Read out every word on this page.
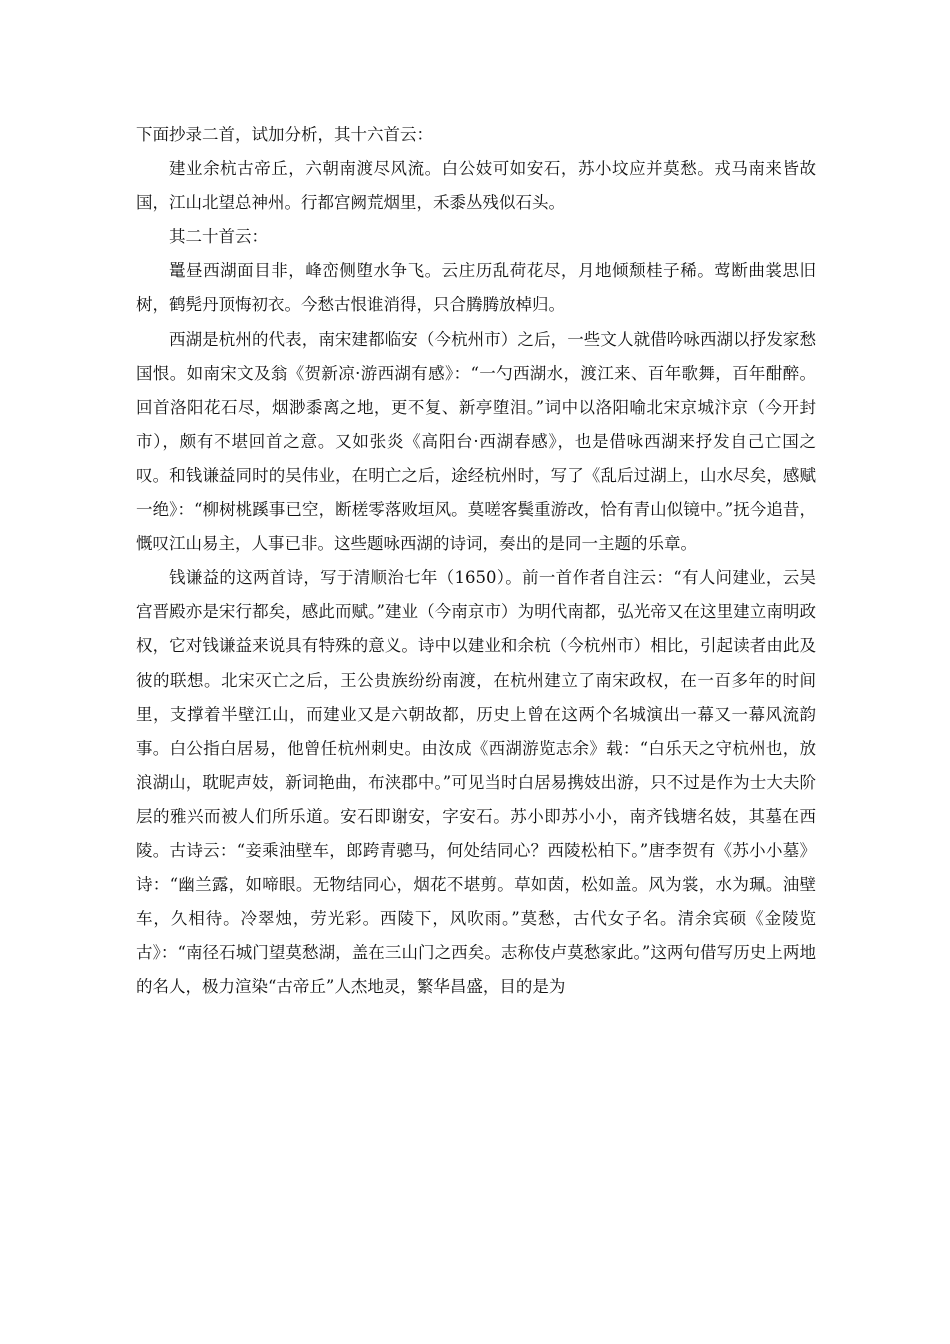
下面抄录二首，试加分析，其十六首云：

建业余杭古帝丘，六朝南渡尽风流。白公妓可如安石，苏小坟应并莫愁。戎马南来皆故国，江山北望总神州。行都宫阙荒烟里，禾黍丛残似石头。

其二十首云：

鼍昼西湖面目非，峰峦侧堕水争飞。云庄历乱荷花尽，月地倾颓桂子稀。莺断曲裳思旧树，鹤髡丹顶悔初衣。今愁古恨谁消得，只合腾腾放棹归。

西湖是杭州的代表，南宋建都临安（今杭州市）之后，一些文人就借吟咏西湖以抒发家愁国恨。如南宋文及翁《贺新凉·游西湖有感》：“一勺西湖水，渡江来、百年歌舞，百年酣醉。回首洛阳花石尽，烟渺黍离之地，更不复、新亭堕泪。”词中以洛阳喻北宋京城汴京（今开封市），颇有不堪回首之意。又如张炎《高阳台·西湖春感》，也是借咏西湖来抒发自己亡国之叹。和钱谦益同时的吴伟业，在明亡之后，途经杭州时，写了《乱后过湖上，山水尽矣，感赋一绝》：“柳树桃蹊事已空，断槎零落败垣风。莫嗟客鬓重游改，恰有青山似镜中。”抚今追昔，慨叹江山易主，人事已非。这些题咏西湖的诗词，奏出的是同一主题的乐章。

钱谦益的这两首诗，写于清顺治七年（1650）。前一首作者自注云：“有人问建业，云吴宫晋殿亦是宋行都矣，感此而赋。”建业（今南京市）为明代南都，弘光帝又在这里建立南明政权，它对钱谦益来说具有特殊的意义。诗中以建业和余杭（今杭州市）相比，引起读者由此及彼的联想。北宋灭亡之后，王公贵族纷纷南渡，在杭州建立了南宋政权，在一百多年的时间里，支撑着半壁江山，而建业又是六朝故都，历史上曾在这两个名城演出一幕又一幕风流韵事。白公指白居易，他曾任杭州刺史。由汝成《西湖游览志余》载：“白乐天之守杭州也，放浪湖山，耽昵声妓，新词艳曲，布浃郡中。”可见当时白居易携妓出游，只不过是作为士大夫阶层的雅兴而被人们所乐道。安石即谢安，字安石。苏小即苏小小，南齐钱塘名妓，其墓在西陵。古诗云：“妾乘油壁车，郎跨青骢马，何处结同心？西陵松柏下。”唐李贺有《苏小小墓》诗：“幽兰露，如啼眼。无物结同心，烟花不堪剪。草如茵，松如盖。风为裳，水为珮。油壁车，久相待。冷翠烛，劳光彩。西陵下，风吹雨。”莫愁，古代女子名。清余宾硕《金陵览古》：“南径石城门望莫愁湖，盖在三山门之西矣。志称伎卢莫愁家此。”这两句借写历史上两地的名人，极力渲染“古帝丘”人杰地灵，繁华昌盛，目的是为
